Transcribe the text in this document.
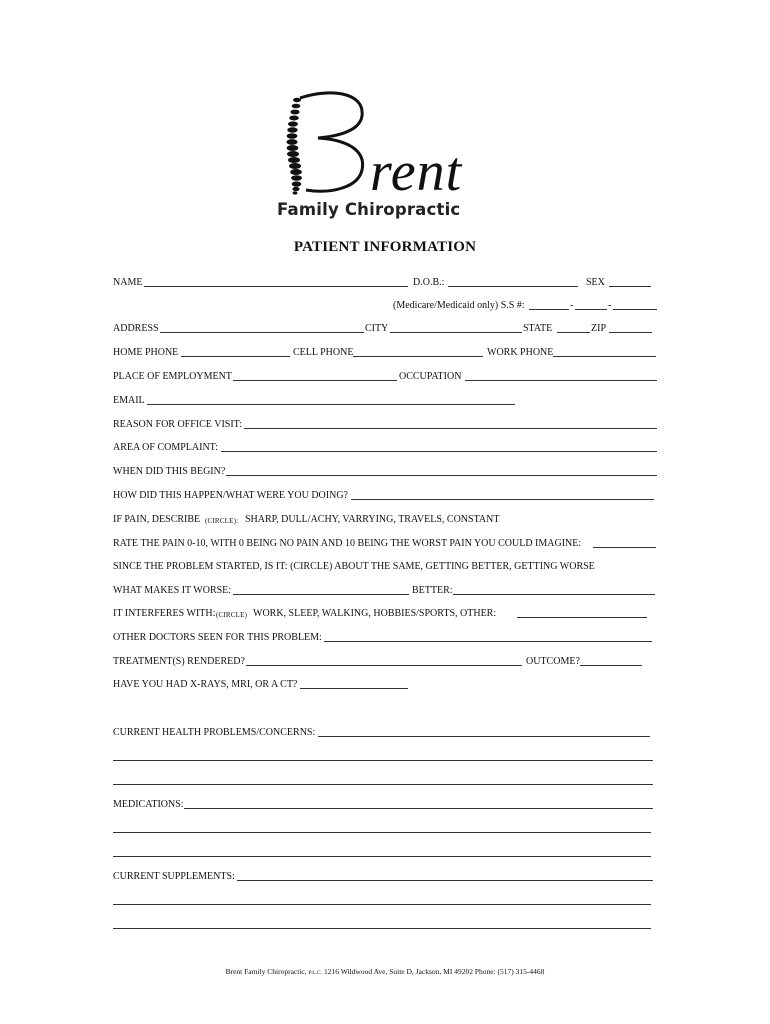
rent
Family Chiropractic
PATIENT INFORMATION
NAME	D.O.B.:	SEX
(Medicare/Medicaid only) S.S #:	-	-
ADDRESS	CITY	STATE	ZIP
HOME PHONE	CELL PHONE	WORK PHONE
PLACE OF EMPLOYMENT	OCCUPATION
EMAIL
REASON FOR OFFICE VISIT:
AREA OF COMPLAINT:
WHEN DID THIS BEGIN?
HOW DID THIS HAPPEN/WHAT WERE YOU DOING?
IF PAIN, DESCRIBE (CIRCLE): SHARP, DULL/ACHY, VARRYING, TRAVELS, CONSTANT
RATE THE PAIN 0-10, WITH 0 BEING NO PAIN AND 10 BEING THE WORST PAIN YOU COULD IMAGINE:
SINCE THE PROBLEM STARTED, IS IT: (CIRCLE) ABOUT THE SAME, GETTING BETTER, GETTING WORSE
WHAT MAKES IT WORSE:	BETTER:
IT INTERFERES WITH: (CIRCLE) WORK, SLEEP, WALKING, HOBBIES/SPORTS, OTHER:
OTHER DOCTORS SEEN FOR THIS PROBLEM:
TREATMENT(S) RENDERED?	OUTCOME?
HAVE YOU HAD X-RAYS, MRI, OR A CT?
CURRENT HEALTH PROBLEMS/CONCERNS:
MEDICATIONS:
CURRENT SUPPLEMENTS:
Brent Family Chiropractic, P.L.C. 1216 Wildwood Ave, Suite D, Jackson, MI 49202 Phone: (517) 315-4468
